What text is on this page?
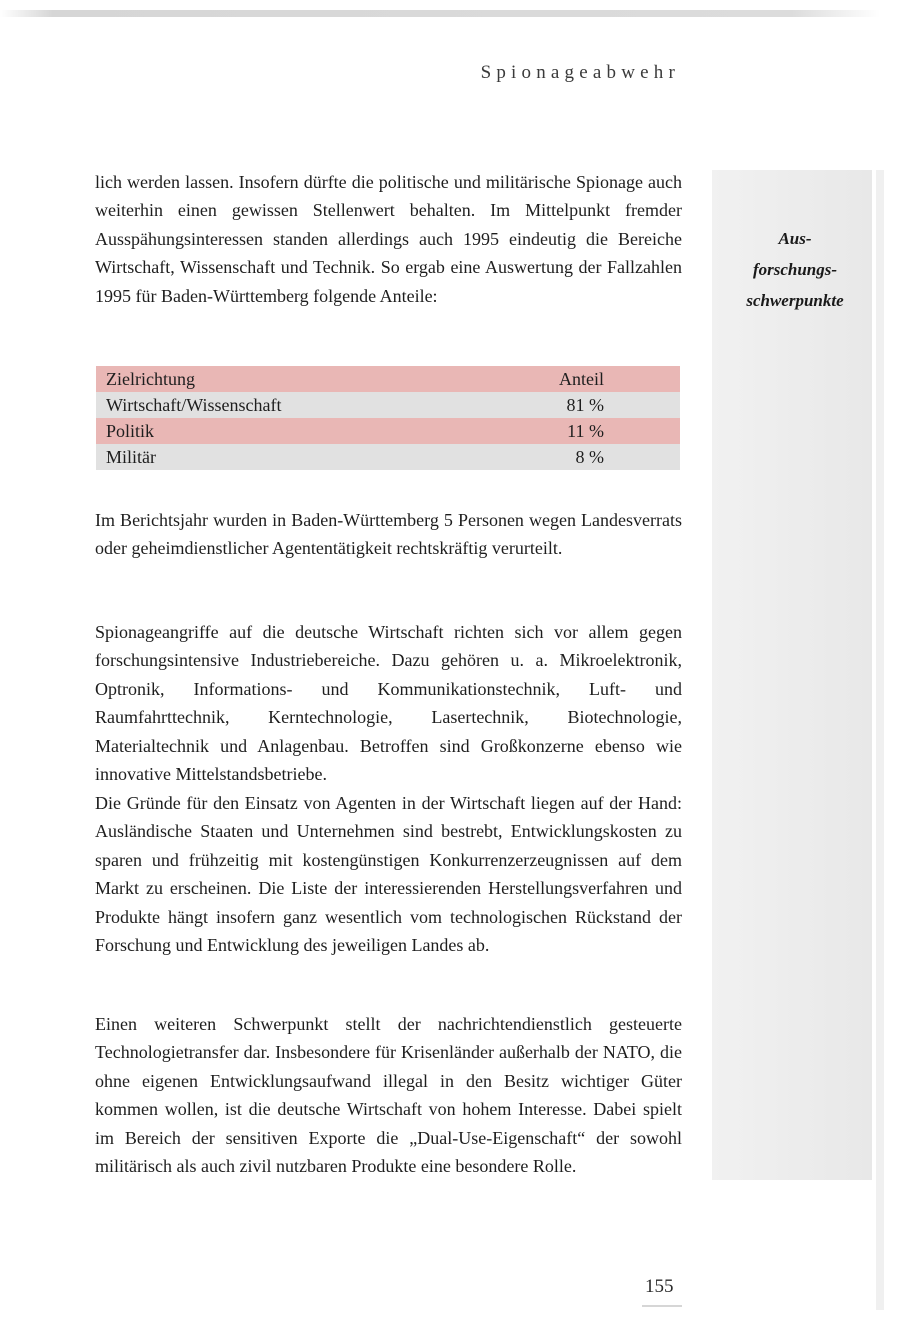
Spionageabwehr
Aus-
forschungs-
schwerpunkte

lich werden lassen. Insofern dürfte die politische und militärische Spionage auch weiterhin einen gewissen Stellenwert behalten. Im Mittelpunkt fremder Ausspähungsinteressen standen allerdings auch 1995 eindeutig die Bereiche Wirtschaft, Wissenschaft und Technik. So ergab eine Auswertung der Fallzahlen 1995 für Baden-Württemberg folgende Anteile:

Zielrichtung	Anteil
Wirtschaft/Wissenschaft	81 %
Politik	11 %
Militär	8 %

Im Berichtsjahr wurden in Baden-Württemberg 5 Personen wegen Landesverrats oder geheimdienstlicher Agententätigkeit rechtskräftig verurteilt.

Spionageangriffe auf die deutsche Wirtschaft richten sich vor allem gegen forschungsintensive Industriebereiche. Dazu gehören u. a. Mikroelektronik, Optronik, Informations- und Kommunikationstechnik, Luft- und Raumfahrttechnik, Kerntechnologie, Lasertechnik, Biotechnologie, Materialtechnik und Anlagenbau. Betroffen sind Großkonzerne ebenso wie innovative Mittelstandsbetriebe.

Die Gründe für den Einsatz von Agenten in der Wirtschaft liegen auf der Hand: Ausländische Staaten und Unternehmen sind bestrebt, Entwicklungskosten zu sparen und frühzeitig mit kostengünstigen Konkurrenzerzeugnissen auf dem Markt zu erscheinen. Die Liste der interessierenden Herstellungsverfahren und Produkte hängt insofern ganz wesentlich vom technologischen Rückstand der Forschung und Entwicklung des jeweiligen Landes ab.

Einen weiteren Schwerpunkt stellt der nachrichtendienstlich gesteuerte Technologietransfer dar. Insbesondere für Krisenländer außerhalb der NATO, die ohne eigenen Entwicklungsaufwand illegal in den Besitz wichtiger Güter kommen wollen, ist die deutsche Wirtschaft von hohem Interesse. Dabei spielt im Bereich der sensitiven Exporte die „Dual-Use-Eigenschaft“ der sowohl militärisch als auch zivil nutzbaren Produkte eine besondere Rolle.

155
